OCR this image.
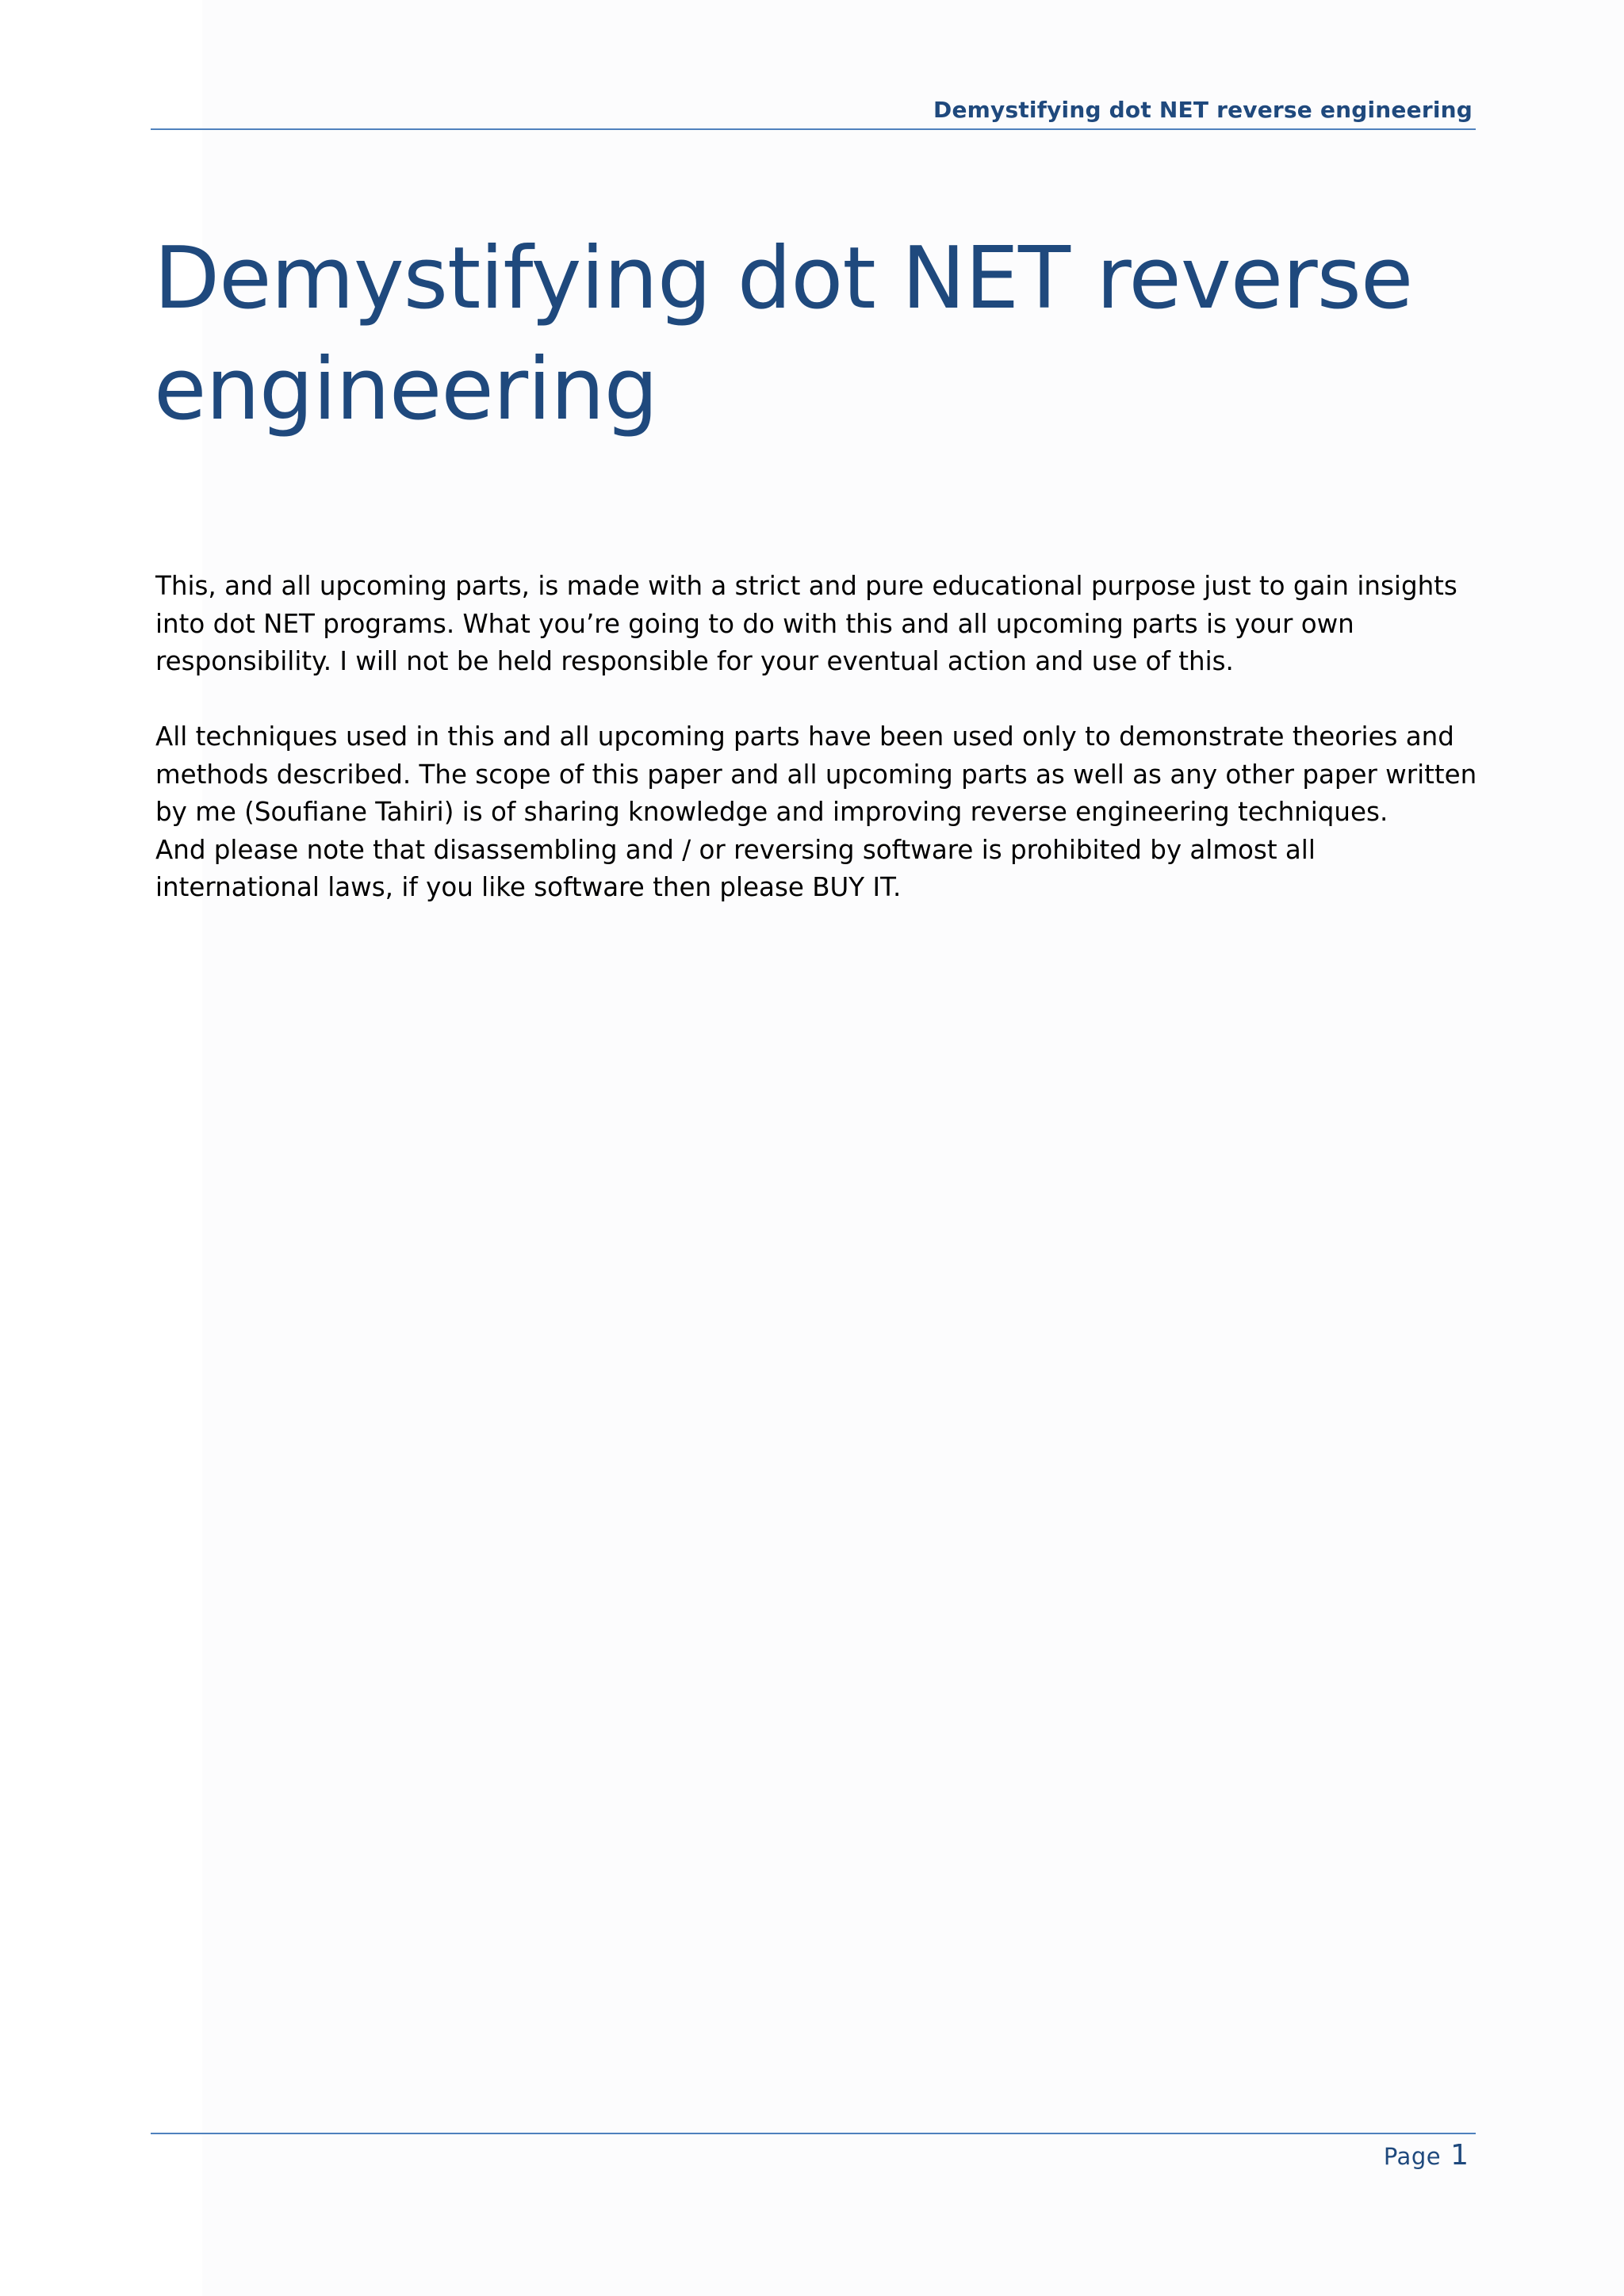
Demystifying dot NET reverse engineering
Demystifying dot NET reverse engineering

This, and all upcoming parts, is made with a strict and pure educational purpose just to gain insights into dot NET programs. What you’re going to do with this and all upcoming parts is your own responsibility. I will not be held responsible for your eventual action and use of this.

All techniques used in this and all upcoming parts have been used only to demonstrate theories and methods described. The scope of this paper and all upcoming parts as well as any other paper written by me (Soufiane Tahiri) is of sharing knowledge and improving reverse engineering techniques.

And please note that disassembling and / or reversing software is prohibited by almost all international laws, if you like software then please BUY IT.

Page 1
